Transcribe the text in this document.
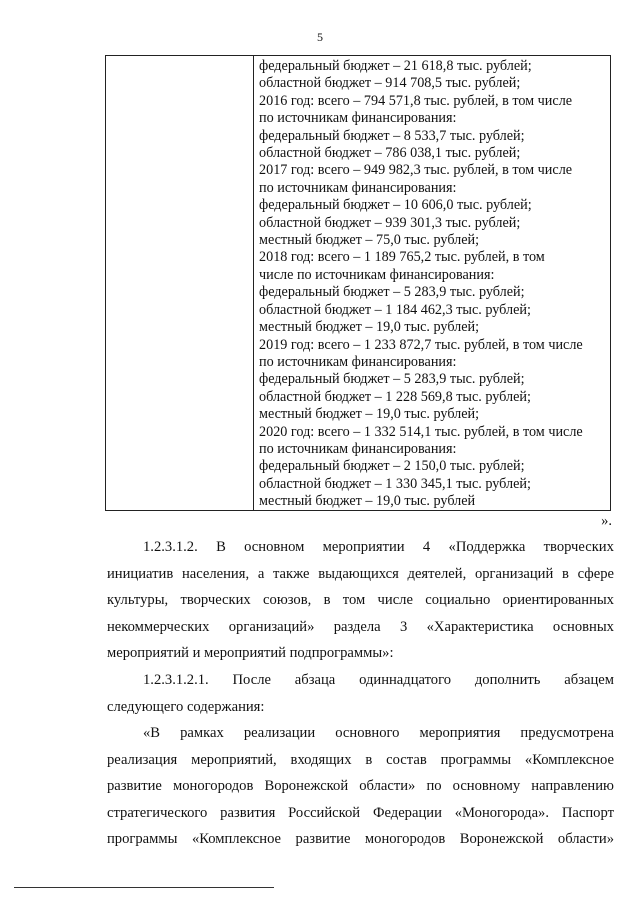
5
федеральный бюджет – 21 618,8 тыс. рублей;
областной бюджет – 914 708,5 тыс. рублей;
2016 год: всего – 794 571,8 тыс. рублей, в том числе
по источникам финансирования:
федеральный бюджет – 8 533,7 тыс. рублей;
областной бюджет – 786 038,1 тыс. рублей;
2017 год: всего – 949 982,3 тыс. рублей, в том числе
по источникам финансирования:
федеральный бюджет – 10 606,0 тыс. рублей;
областной бюджет – 939 301,3 тыс. рублей;
местный бюджет – 75,0 тыс. рублей;
2018 год: всего – 1 189 765,2 тыс. рублей, в том
числе по источникам финансирования:
федеральный бюджет – 5 283,9 тыс. рублей;
областной бюджет – 1 184 462,3 тыс. рублей;
местный бюджет – 19,0 тыс. рублей;
2019 год: всего – 1 233 872,7 тыс. рублей, в том числе
по источникам финансирования:
федеральный бюджет – 5 283,9 тыс. рублей;
областной бюджет – 1 228 569,8 тыс. рублей;
местный бюджет – 19,0 тыс. рублей;
2020 год: всего – 1 332 514,1 тыс. рублей, в том числе
по источникам финансирования:
федеральный бюджет – 2 150,0 тыс. рублей;
областной бюджет – 1 330 345,1 тыс. рублей;
местный бюджет – 19,0 тыс. рублей
».
1.2.3.1.2. В основном мероприятии 4 «Поддержка творческих
инициатив населения, а также выдающихся деятелей, организаций в сфере
культуры, творческих союзов, в том числе социально ориентированных
некоммерческих организаций» раздела 3 «Характеристика основных
мероприятий и мероприятий подпрограммы»:
1.2.3.1.2.1. После абзаца одиннадцатого дополнить абзацем
следующего содержания:
«В рамках реализации основного мероприятия предусмотрена
реализация мероприятий, входящих в состав программы «Комплексное
развитие моногородов Воронежской области» по основному направлению
стратегического развития Российской Федерации «Моногорода». Паспорт
программы «Комплексное развитие моногородов Воронежской области»
